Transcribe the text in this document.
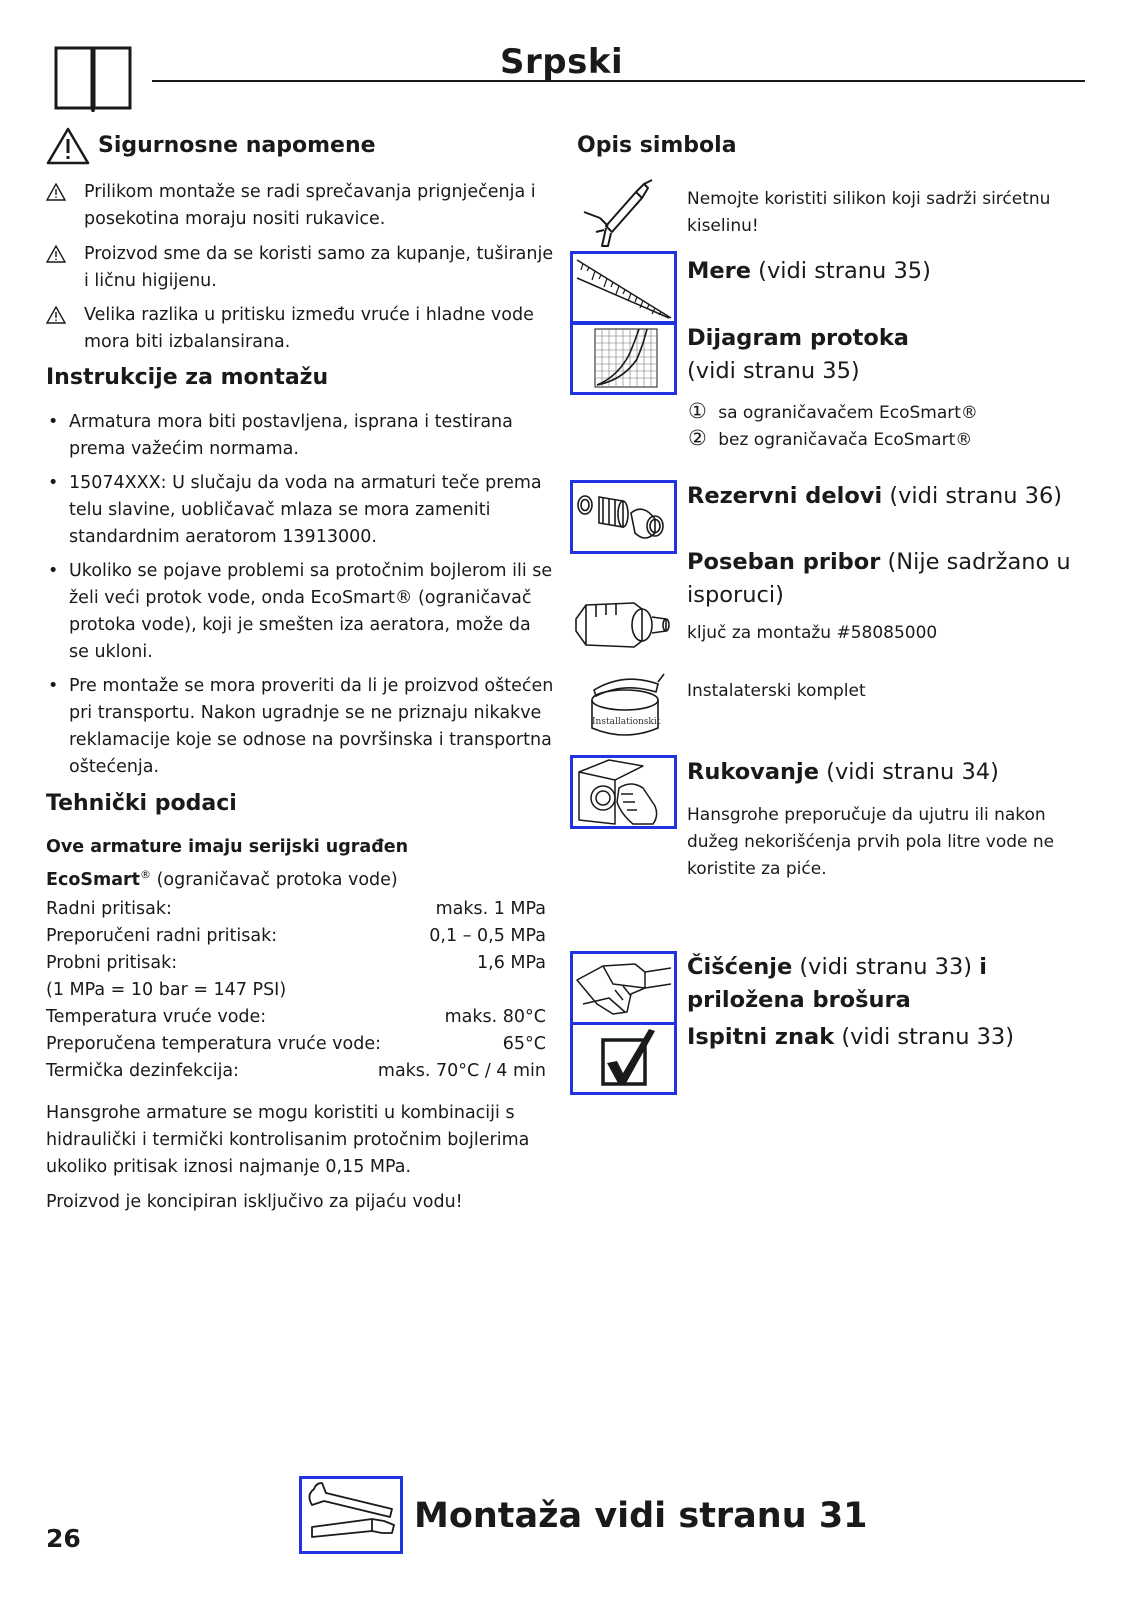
Srpski
Sigurnosne napomene
Prilikom montaže se radi sprečavanja prignječenja i posekotina moraju nositi rukavice.
Proizvod sme da se koristi samo za kupanje, tuširanje i ličnu higijenu.
Velika razlika u pritisku između vruće i hladne vode mora biti izbalansirana.
Instrukcije za montažu
• Armatura mora biti postavljena, isprana i testirana prema važećim normama.
• 15074XXX: U slučaju da voda na armaturi teče prema telu slavine, uobličavač mlaza se mora zameniti standardnim aeratorom 13913000.
• Ukoliko se pojave problemi sa protočnim bojlerom ili se želi veći protok vode, onda EcoSmart® (ograničavač protoka vode), koji je smešten iza aeratora, može da se ukloni.
• Pre montaže se mora proveriti da li je proizvod oštećen pri transportu. Nakon ugradnje se ne priznaju nikakve reklamacije koje se odnose na površinska i transportna oštećenja.
Tehnički podaci
Ove armature imaju serijski ugrađen
EcoSmart® (ograničavač protoka vode)
Radni pritisak:	maks. 1 MPa
Preporučeni radni pritisak:	0,1 – 0,5 MPa
Probni pritisak:	1,6 MPa
(1 MPa = 10 bar = 147 PSI)
Temperatura vruće vode:	maks. 80°C
Preporučena temperatura vruće vode:	65°C
Termička dezinfekcija:	maks. 70°C / 4 min
Hansgrohe armature se mogu koristiti u kombinaciji s hidraulički i termički kontrolisanim protočnim bojlerima ukoliko pritisak iznosi najmanje 0,15 MPa.
Proizvod je koncipiran isključivo za pijaću vodu!
Opis simbola
Nemojte koristiti silikon koji sadrži sirćetnu kiselinu!
Mere (vidi stranu 35)
Dijagram protoka
(vidi stranu 35)
① sa ograničavačem EcoSmart®
② bez ograničavača EcoSmart®
Rezervni delovi (vidi stranu 36)
Poseban pribor (Nije sadržano u isporuci)
ključ za montažu #58085000
Installationskit
Instalaterski komplet
Rukovanje (vidi stranu 34)
Hansgrohe preporučuje da ujutru ili nakon dužeg nekorišćenja prvih pola litre vode ne koristite za piće.
Čišćenje (vidi stranu 33) i priložena brošura
Ispitni znak (vidi stranu 33)
26
Montaža vidi stranu 31
